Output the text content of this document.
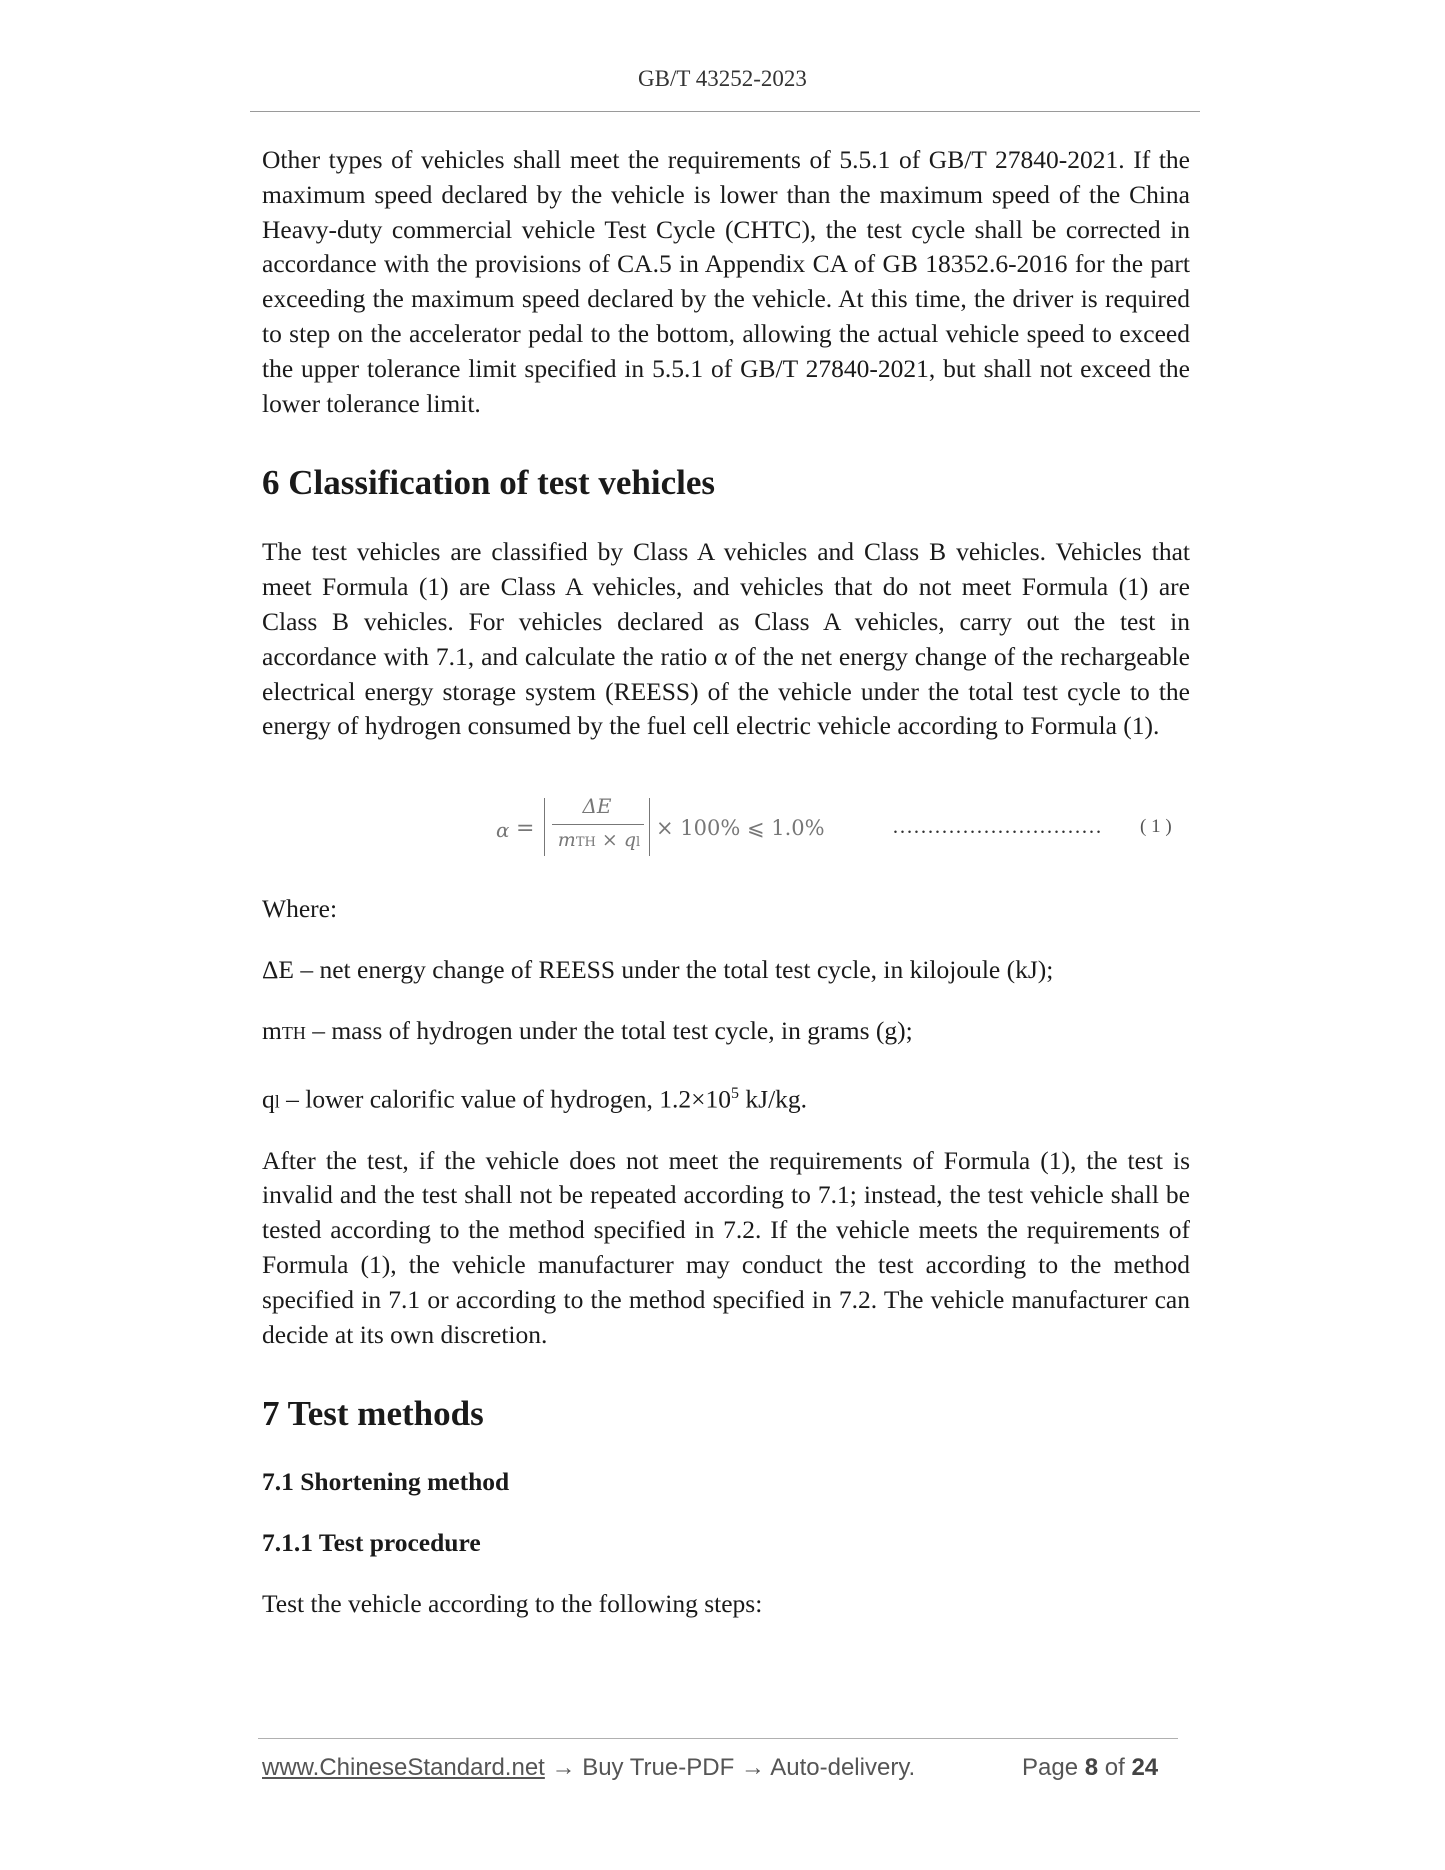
GB/T 43252-2023

Other types of vehicles shall meet the requirements of 5.5.1 of GB/T 27840-2021. If the maximum speed declared by the vehicle is lower than the maximum speed of the China Heavy-duty commercial vehicle Test Cycle (CHTC), the test cycle shall be corrected in accordance with the provisions of CA.5 in Appendix CA of GB 18352.6-2016 for the part exceeding the maximum speed declared by the vehicle. At this time, the driver is required to step on the accelerator pedal to the bottom, allowing the actual vehicle speed to exceed the upper tolerance limit specified in 5.5.1 of GB/T 27840-2021, but shall not exceed the lower tolerance limit.

6 Classification of test vehicles

The test vehicles are classified by Class A vehicles and Class B vehicles. Vehicles that meet Formula (1) are Class A vehicles, and vehicles that do not meet Formula (1) are Class B vehicles. For vehicles declared as Class A vehicles, carry out the test in accordance with 7.1, and calculate the ratio α of the net energy change of the rechargeable electrical energy storage system (REESS) of the vehicle under the total test cycle to the energy of hydrogen consumed by the fuel cell electric vehicle according to Formula (1).

α =
ΔE
mTH × ql
× 100% ⩽ 1.0%	………………………… ( 1 )

Where:

ΔE – net energy change of REESS under the total test cycle, in kilojoule (kJ);

mTH – mass of hydrogen under the total test cycle, in grams (g);

ql – lower calorific value of hydrogen, $1.2\times 10^5$ kJ/kg.

After the test, if the vehicle does not meet the requirements of Formula (1), the test is invalid and the test shall not be repeated according to 7.1; instead, the test vehicle shall be tested according to the method specified in 7.2. If the vehicle meets the requirements of Formula (1), the vehicle manufacturer may conduct the test according to the method specified in 7.1 or according to the method specified in 7.2. The vehicle manufacturer can decide at its own discretion.

7 Test methods
7.1 Shortening method
7.1.1 Test procedure

Test the vehicle according to the following steps:

www.ChineseStandard.net → Buy True-PDF → Auto-delivery.	Page 8 of 24
